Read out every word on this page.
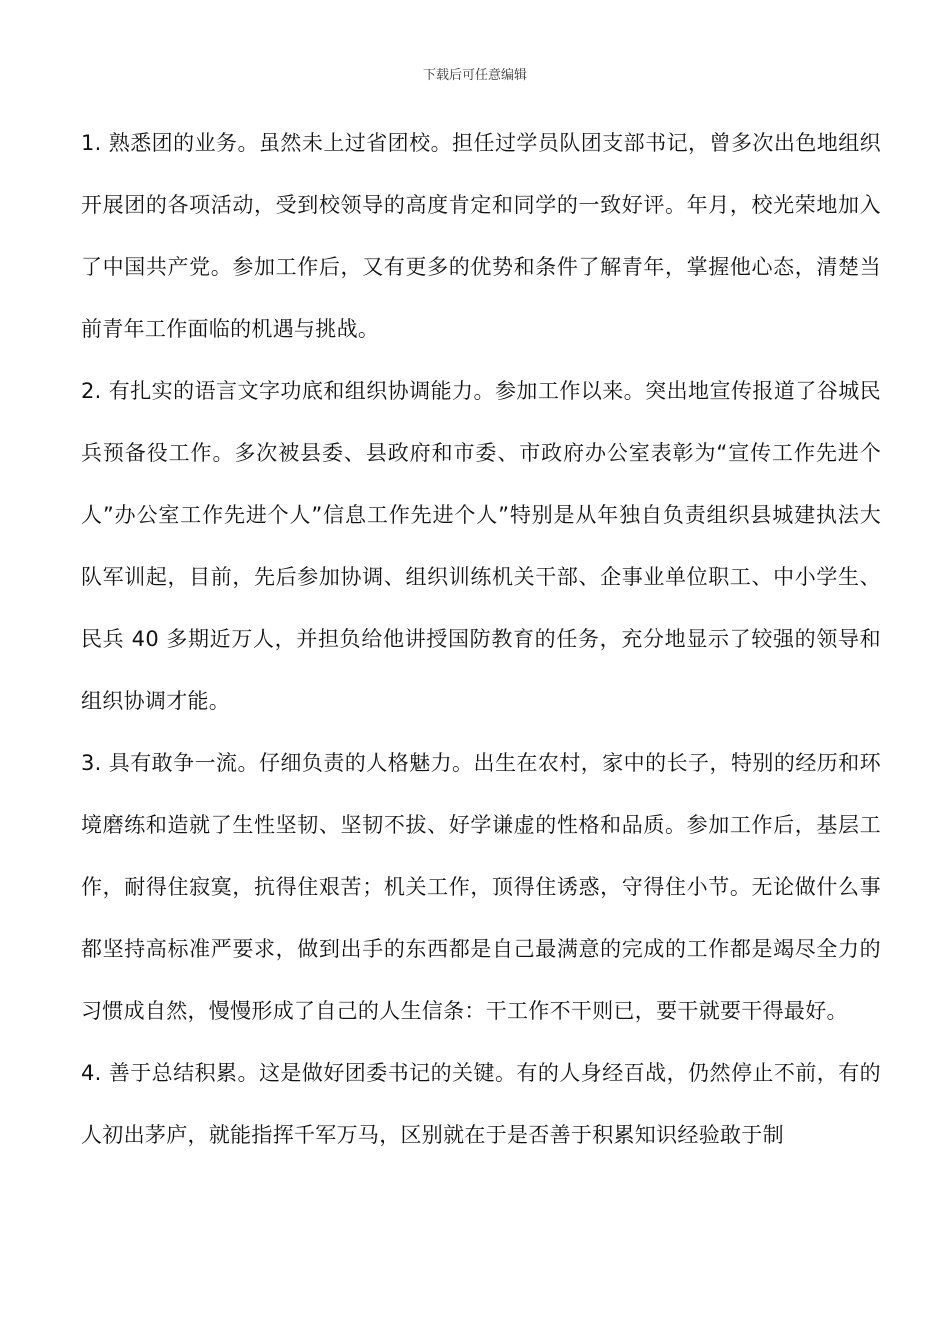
下载后可任意编辑

1. 熟悉团的业务。虽然未上过省团校。担任过学员队团支部书记，曾多次出色地组织开展团的各项活动，受到校领导的高度肯定和同学的一致好评。年月，校光荣地加入了中国共产党。参加工作后，又有更多的优势和条件了解青年，掌握他心态，清楚当前青年工作面临的机遇与挑战。

2. 有扎实的语言文字功底和组织协调能力。参加工作以来。突出地宣传报道了谷城民兵预备役工作。多次被县委、县政府和市委、市政府办公室表彰为“宣传工作先进个人”办公室工作先进个人”信息工作先进个人”特别是从年独自负责组织县城建执法大队军训起，目前，先后参加协调、组织训练机关干部、企事业单位职工、中小学生、民兵 40 多期近万人，并担负给他讲授国防教育的任务，充分地显示了较强的领导和组织协调才能。

3. 具有敢争一流。仔细负责的人格魅力。出生在农村，家中的长子，特别的经历和环境磨练和造就了生性坚韧、坚韧不拔、好学谦虚的性格和品质。参加工作后，基层工作，耐得住寂寞，抗得住艰苦；机关工作，顶得住诱惑，守得住小节。无论做什么事都坚持高标准严要求，做到出手的东西都是自己最满意的完成的工作都是竭尽全力的习惯成自然，慢慢形成了自己的人生信条：干工作不干则已，要干就要干得最好。

4. 善于总结积累。这是做好团委书记的关键。有的人身经百战，仍然停止不前，有的人初出茅庐，就能指挥千军万马，区别就在于是否善于积累知识经验敢于制
